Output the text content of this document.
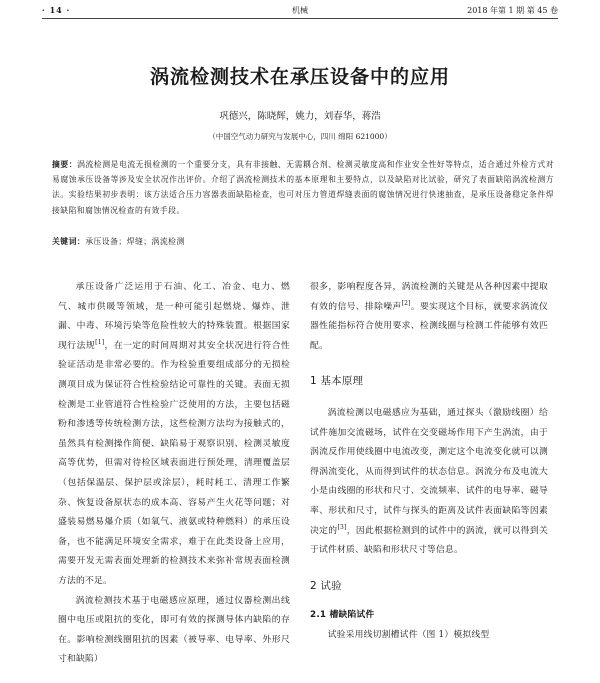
· 14 ·	机械	2018 年第 1 期 第 45 卷
涡流检测技术在承压设备中的应用
巩德兴，陈晓辉，姚力，刘春华，蒋浩
（中国空气动力研究与发展中心，四川 绵阳 621000）
摘要：涡流检测是电流无损检测的一个重要分支，具有非接触、无需耦合剂、检测灵敏度高和作业安全性好等特点，适合通过外检方式对易腐蚀承压设备等涉及安全状况作出评价。介绍了涡流检测技术的基本原理和主要特点，以及缺陷对比试验，研究了表面缺陷涡流检测方法。实验结果初步表明：该方法适合压力容器表面缺陷检查，也可对压力管道焊缝表面的腐蚀情况进行快速抽查，是承压设备稳定条件焊接缺陷和腐蚀情况检查的有效手段。
关键词：承压设备；焊缝；涡流检测

承压设备广泛运用于石油、化工、冶金、电力、燃气、城市供暖等领域，是一种可能引起燃烧、爆炸、泄漏、中毒、环境污染等危险性较大的特殊装置。根据国家现行法规[1]，在一定的时间周期对其安全状况进行符合性验证活动是非常必要的。作为检验重要组成部分的无损检测项目成为保证符合性检验结论可靠性的关键。表面无损检测是工业管道符合性检验广泛使用的方法，主要包括磁粉和渗透等传统检测方法，这些检测方法均为接触式的，虽然具有检测操作简便、缺陷易于观察识别、检测灵敏度高等优势，但需对待检区域表面进行预处理，清理覆盖层（包括保温层、保护层或涂层），耗时耗工、清理工作繁杂、恢复设备原状态的成本高、容易产生火花等问题；对盛装易燃易爆介质（如氧气、液氨或特种燃料）的承压设备，也不能满足环境安全需求，难于在此类设备上应用，需要开发无需表面处理新的检测技术来弥补常规表面检测方法的不足。

涡流检测技术基于电磁感应原理，通过仪器检测出线圈中电压或阻抗的变化，即可有效的探测导体内缺陷的存在。影响检测线圈阻抗的因素（被导率、电导率、外形尺寸和缺陷）

很多，影响程度各异，涡流检测的关键是从各种因素中提取有效的信号、排除噪声[2]。要实现这个目标，就要求涡流仪器性能指标符合使用要求、检测线圈与检测工件能够有效匹配。

1 基本原理

涡流检测以电磁感应为基础，通过探头（激励线圈）给试件施加交流磁场，试件在交变磁场作用下产生涡流，由于涡流反作用使线圈中电流改变，测定这个电流变化就可以测得涡流变化，从而得到试件的状态信息。涡流分布及电流大小是由线圈的形状和尺寸、交流频率、试件的电导率、磁导率、形状和尺寸，试件与探头的距离及试件表面缺陷等因素决定的[3]，因此根据检测到的试件中的涡流，就可以得到关于试件材质、缺陷和形状尺寸等信息。

2 试验

2.1 槽缺陷试件

试验采用线切割槽试件（图 1）模拟线型
